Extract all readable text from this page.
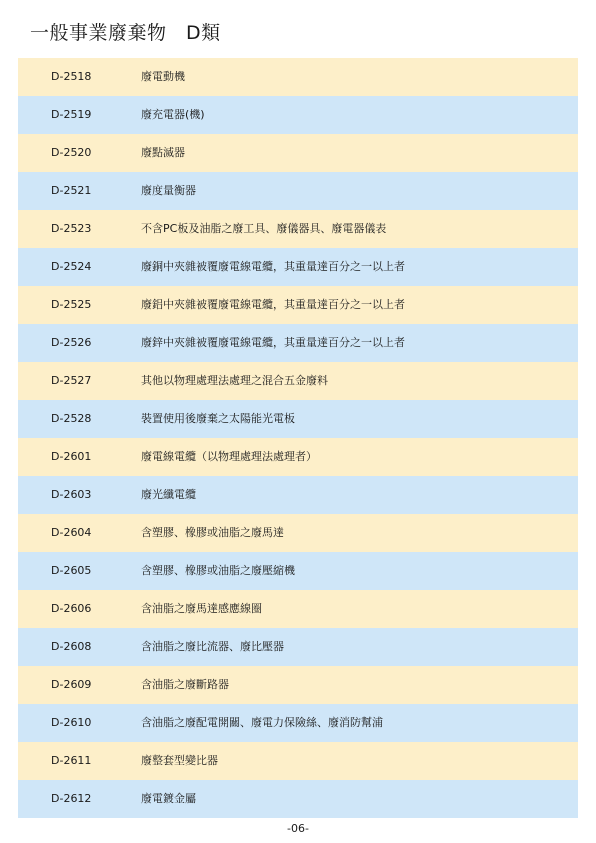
一般事業廢棄物　D類
D-2518	廢電動機
D-2519	廢充電器(機)
D-2520	廢點滅器
D-2521	廢度量衡器
D-2523	不含PC板及油脂之廢工具、廢儀器具、廢電器儀表
D-2524	廢銅中夾雜被覆廢電線電纜，其重量達百分之一以上者
D-2525	廢鋁中夾雜被覆廢電線電纜，其重量達百分之一以上者
D-2526	廢鋅中夾雜被覆廢電線電纜，其重量達百分之一以上者
D-2527	其他以物理處理法處理之混合五金廢料
D-2528	裝置使用後廢棄之太陽能光電板
D-2601	廢電線電纜（以物理處理法處理者）
D-2603	廢光纖電纜
D-2604	含塑膠、橡膠或油脂之廢馬達
D-2605	含塑膠、橡膠或油脂之廢壓縮機
D-2606	含油脂之廢馬達感應線圈
D-2608	含油脂之廢比流器、廢比壓器
D-2609	含油脂之廢斷路器
D-2610	含油脂之廢配電開關、廢電力保險絲、廢消防幫浦
D-2611	廢整套型變比器
D-2612	廢電鍍金屬
-06-
